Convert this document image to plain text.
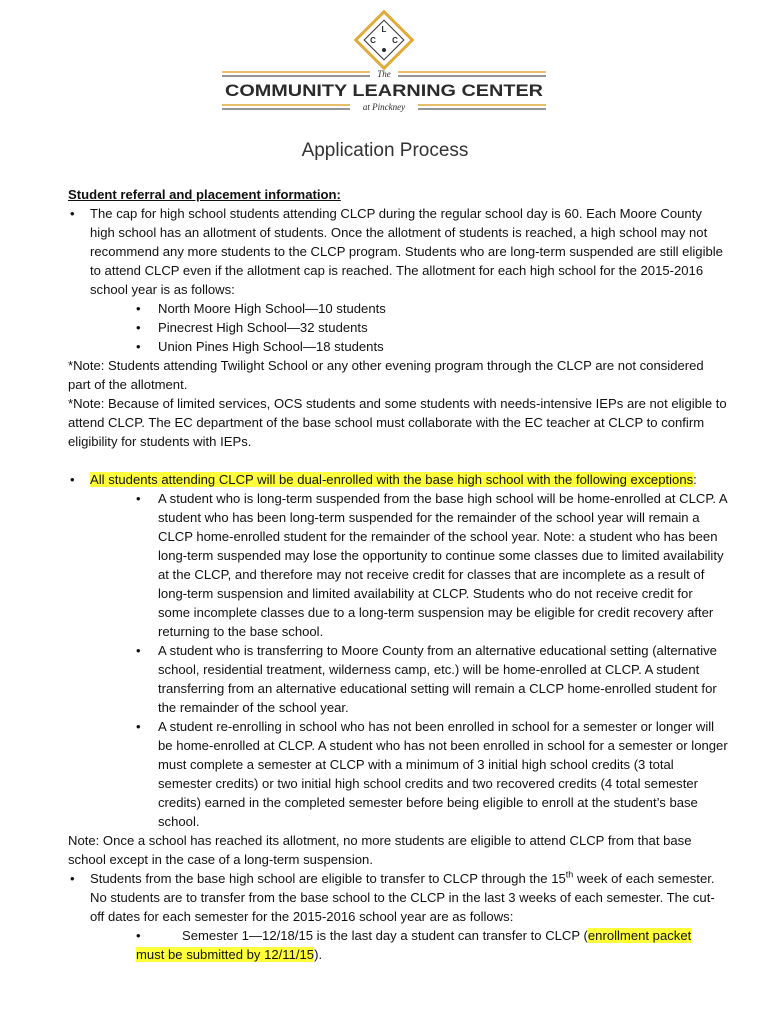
L
C C
The
COMMUNITY LEARNING CENTER
at Pinckney
Application Process

Student referral and placement information:

• The cap for high school students attending CLCP during the regular school day is 60. Each Moore County high school has an allotment of students. Once the allotment of students is reached, a high school may not recommend any more students to the CLCP program. Students who are long-term suspended are still eligible to attend CLCP even if the allotment cap is reached. The allotment for each high school for the 2015-2016 school year is as follows:

• North Moore High School—10 students

• Pinecrest High School—32 students

• Union Pines High School—18 students

*Note: Students attending Twilight School or any other evening program through the CLCP are not considered part of the allotment.

*Note: Because of limited services, OCS students and some students with needs-intensive IEPs are not eligible to attend CLCP. The EC department of the base school must collaborate with the EC teacher at CLCP to confirm eligibility for students with IEPs.

• All students attending CLCP will be dual-enrolled with the base high school with the following exceptions:

• A student who is long-term suspended from the base high school will be home-enrolled at CLCP. A student who has been long-term suspended for the remainder of the school year will remain a CLCP home-enrolled student for the remainder of the school year. Note: a student who has been long-term suspended may lose the opportunity to continue some classes due to limited availability at the CLCP, and therefore may not receive credit for classes that are incomplete as a result of long-term suspension and limited availability at CLCP. Students who do not receive credit for some incomplete classes due to a long-term suspension may be eligible for credit recovery after returning to the base school.

• A student who is transferring to Moore County from an alternative educational setting (alternative school, residential treatment, wilderness camp, etc.) will be home-enrolled at CLCP. A student transferring from an alternative educational setting will remain a CLCP home-enrolled student for the remainder of the school year.

• A student re-enrolling in school who has not been enrolled in school for a semester or longer will be home-enrolled at CLCP. A student who has not been enrolled in school for a semester or longer must complete a semester at CLCP with a minimum of 3 initial high school credits (3 total semester credits) or two initial high school credits and two recovered credits (4 total semester credits) earned in the completed semester before being eligible to enroll at the student’s base school.

Note: Once a school has reached its allotment, no more students are eligible to attend CLCP from that base school except in the case of a long-term suspension.

• Students from the base high school are eligible to transfer to CLCP through the 15th week of each semester. No students are to transfer from the base school to the CLCP in the last 3 weeks of each semester. The cut-off dates for each semester for the 2015-2016 school year are as follows:

• Semester 1—12/18/15 is the last day a student can transfer to CLCP (enrollment packet
must be submitted by 12/11/15).
